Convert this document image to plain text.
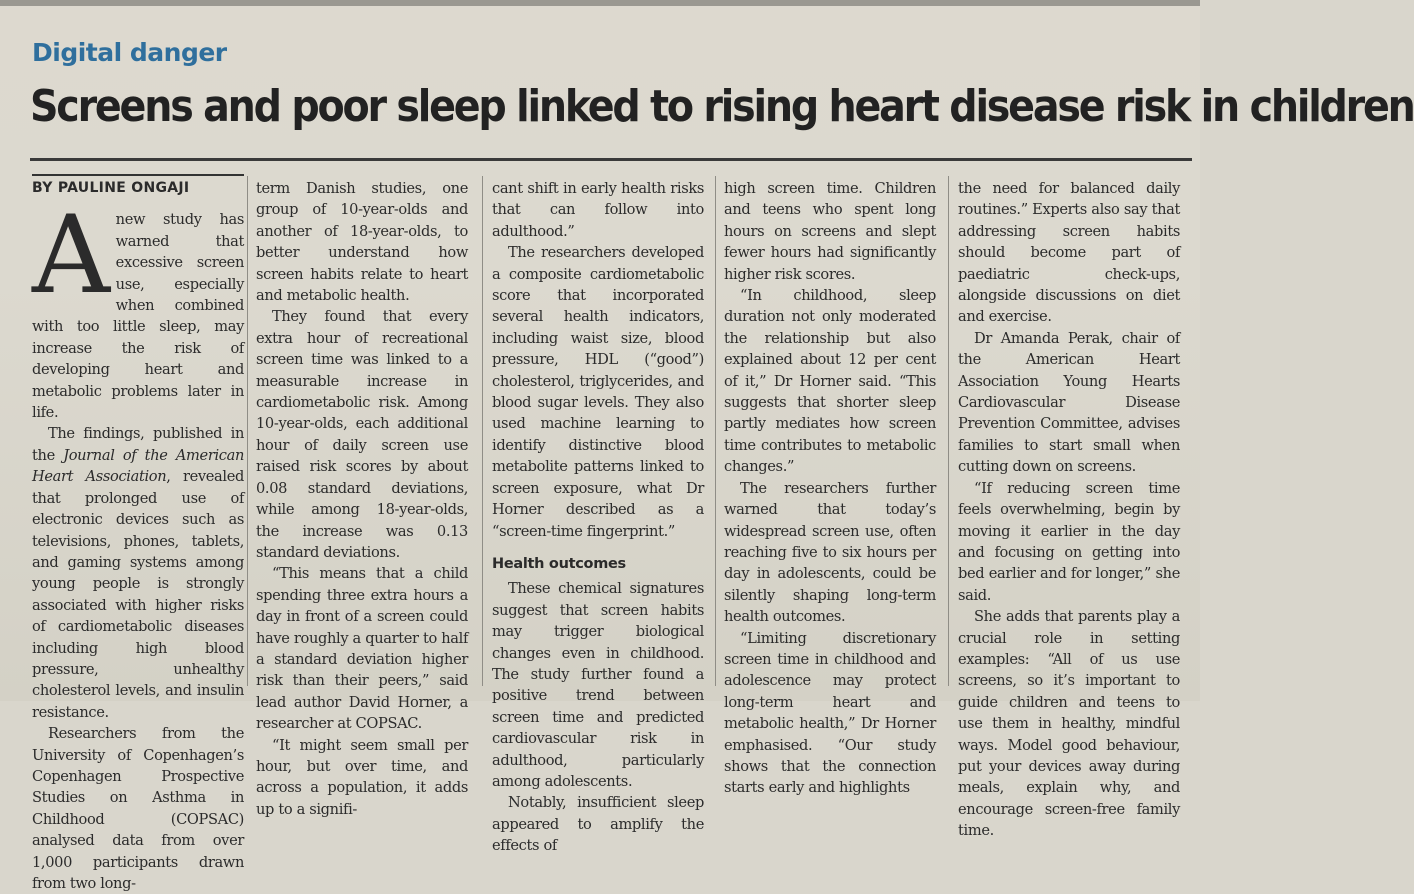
Digital danger
Screens and poor sleep linked to rising heart disease risk in children
BY PAULINE ONGAJI

Anew study has warned that excessive screen use, especially when combined with too little sleep, may increase the risk of developing heart and metabolic problems later in life.

The findings, published in the Journal of the American Heart Association, revealed that prolonged use of electronic devices such as televisions, phones, tablets, and gaming systems among young people is strongly associated with higher risks of cardiometabolic diseases including high blood pressure, unhealthy cholesterol levels, and insulin resistance.

Researchers from the University of Copenhagen’s Copenhagen Prospective Studies on Asthma in Childhood (COPSAC) analysed data from over 1,000 participants drawn from two long-

term Danish studies, one group of 10-year-olds and another of 18-year-olds, to better understand how screen habits relate to heart and metabolic health.

They found that every extra hour of recreational screen time was linked to a measurable increase in cardiometabolic risk. Among 10-year-olds, each additional hour of daily screen use raised risk scores by about 0.08 standard deviations, while among 18-year-olds, the increase was 0.13 standard deviations.

“This means that a child spending three extra hours a day in front of a screen could have roughly a quarter to half a standard deviation higher risk than their peers,” said lead author David Horner, a researcher at COPSAC.

“It might seem small per hour, but over time, and across a population, it adds up to a signifi-

cant shift in early health risks that can follow into adulthood.”

The researchers developed a composite cardiometabolic score that incorporated several health indicators, including waist size, blood pressure, HDL (“good”) cholesterol, triglycerides, and blood sugar levels. They also used machine learning to identify distinctive blood metabolite patterns linked to screen exposure, what Dr Horner described as a “screen-time fingerprint.”

Health outcomes

These chemical signatures suggest that screen habits may trigger biological changes even in childhood. The study further found a positive trend between screen time and predicted cardiovascular risk in adulthood, particularly among adolescents.

Notably, insufficient sleep appeared to amplify the effects of

high screen time. Children and teens who spent long hours on screens and slept fewer hours had significantly higher risk scores.

“In childhood, sleep duration not only moderated the relationship but also explained about 12 per cent of it,” Dr Horner said. “This suggests that shorter sleep partly mediates how screen time contributes to metabolic changes.”

The researchers further warned that today’s widespread screen use, often reaching five to six hours per day in adolescents, could be silently shaping long-term health outcomes.

“Limiting discretionary screen time in childhood and adolescence may protect long-term heart and metabolic health,” Dr Horner emphasised. “Our study shows that the connection starts early and highlights

the need for balanced daily routines.” Experts also say that addressing screen habits should become part of paediatric check-ups, alongside discussions on diet and exercise.

Dr Amanda Perak, chair of the American Heart Association Young Hearts Cardiovascular Disease Prevention Committee, advises families to start small when cutting down on screens.

“If reducing screen time feels overwhelming, begin by moving it earlier in the day and focusing on getting into bed earlier and for longer,” she said.

She adds that parents play a crucial role in setting examples: “All of us use screens, so it’s important to guide children and teens to use them in healthy, mindful ways. Model good behaviour, put your devices away during meals, explain why, and encourage screen-free family time.
